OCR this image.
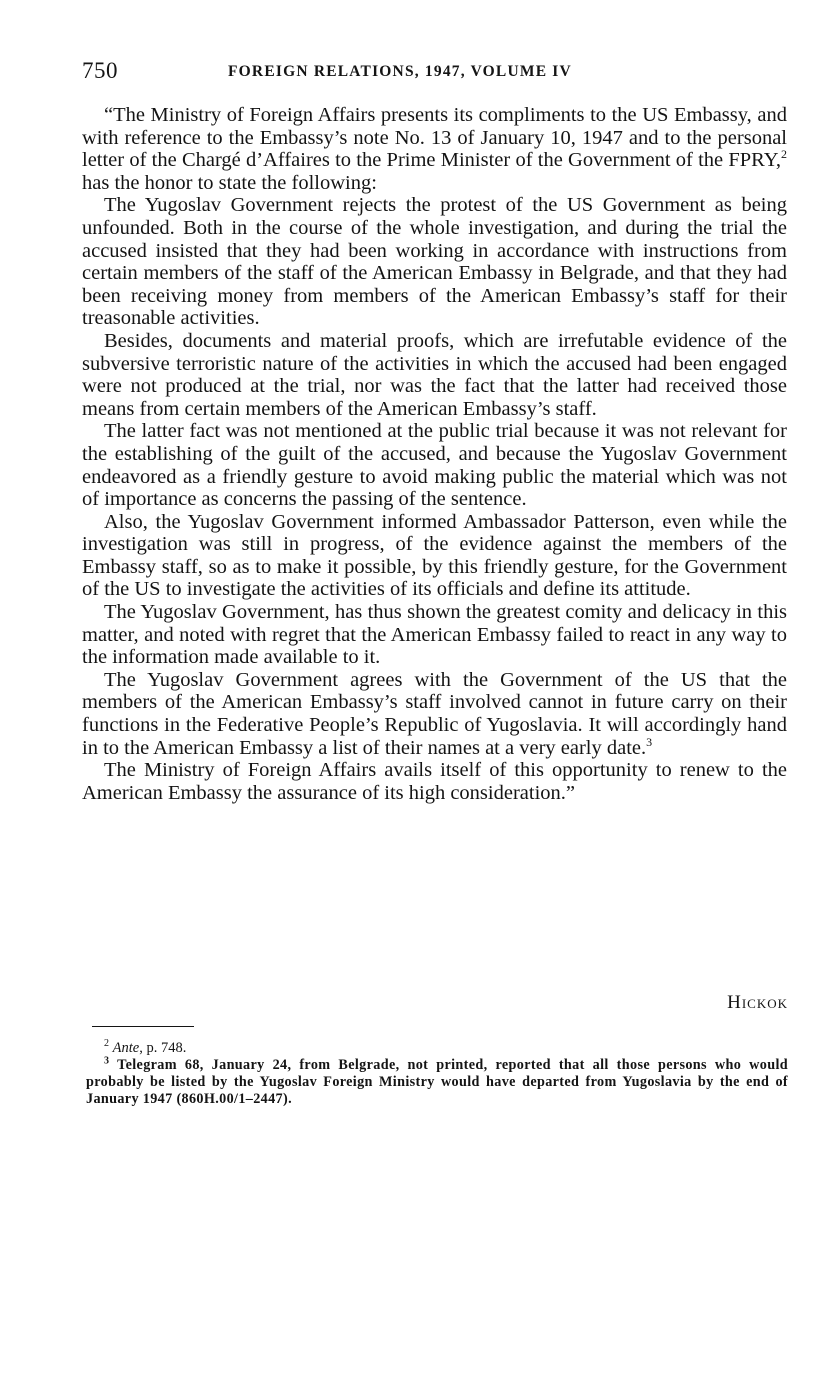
750	FOREIGN RELATIONS, 1947, VOLUME IV

“The Ministry of Foreign Affairs presents its compliments to the US Embassy, and with reference to the Embassy’s note No. 13 of January 10, 1947 and to the personal letter of the Chargé d’Affaires to the Prime Minister of the Government of the FPRY,$^2$ has the honor to state the following:

The Yugoslav Government rejects the protest of the US Government as being unfounded. Both in the course of the whole investigation, and during the trial the accused insisted that they had been working in accordance with instructions from certain members of the staff of the American Embassy in Belgrade, and that they had been receiving money from members of the American Embassy’s staff for their treasonable activities.

Besides, documents and material proofs, which are irrefutable evidence of the subversive terroristic nature of the activities in which the accused had been engaged were not produced at the trial, nor was the fact that the latter had received those means from certain members of the American Embassy’s staff.

The latter fact was not mentioned at the public trial because it was not relevant for the establishing of the guilt of the accused, and because the Yugoslav Government endeavored as a friendly gesture to avoid making public the material which was not of importance as concerns the passing of the sentence.

Also, the Yugoslav Government informed Ambassador Patterson, even while the investigation was still in progress, of the evidence against the members of the Embassy staff, so as to make it possible, by this friendly gesture, for the Government of the US to investigate the activities of its officials and define its attitude.

The Yugoslav Government, has thus shown the greatest comity and delicacy in this matter, and noted with regret that the American Embassy failed to react in any way to the information made available to it.

The Yugoslav Government agrees with the Government of the US that the members of the American Embassy’s staff involved cannot in future carry on their functions in the Federative People’s Republic of Yugoslavia. It will accordingly hand in to the American Embassy a list of their names at a very early date.$^3$

The Ministry of Foreign Affairs avails itself of this opportunity to renew to the American Embassy the assurance of its high consideration.”

Hickok

$^2$ Ante, p. 748.

$^3$ Telegram 68, January 24, from Belgrade, not printed, reported that all those persons who would probably be listed by the Yugoslav Foreign Ministry would have departed from Yugoslavia by the end of January 1947 (860H.00/1–2447).
